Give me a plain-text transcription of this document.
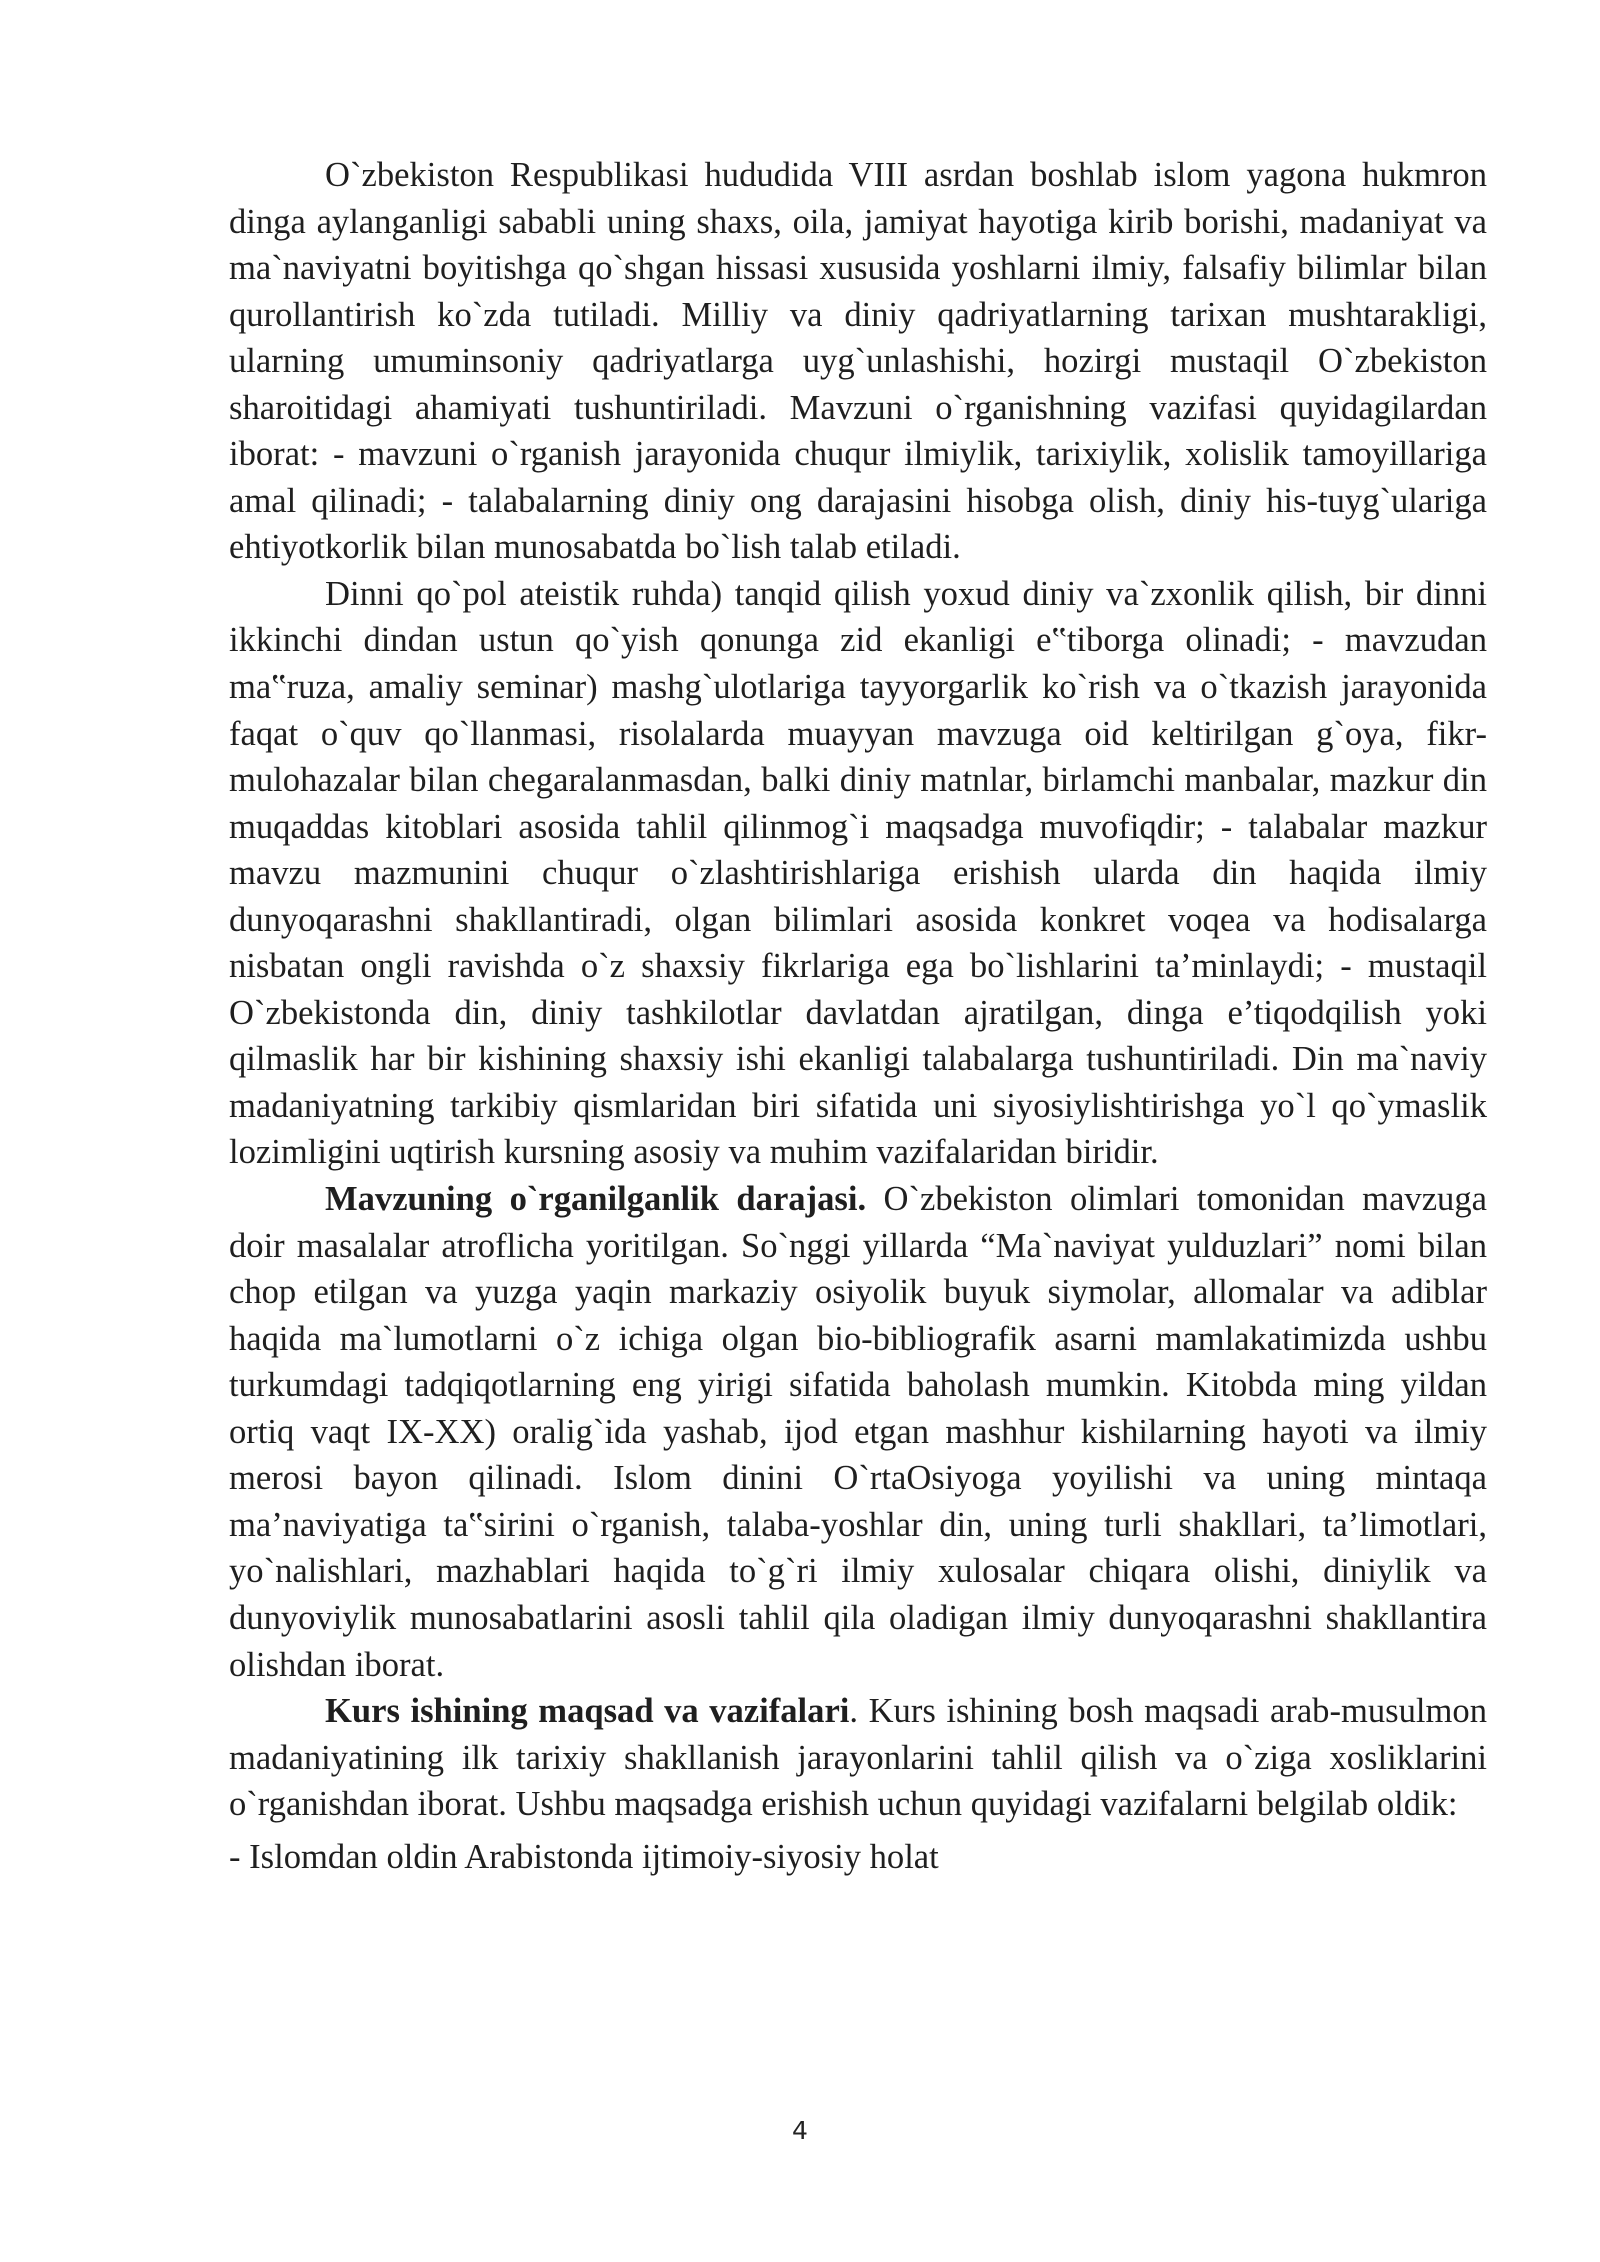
O`zbekiston Respublikasi hududida VIII asrdan boshlab islom yagona hukmron dinga aylanganligi sababli uning shaxs, oila, jamiyat hayotiga kirib borishi, madaniyat va ma`naviyatni boyitishga qo`shgan hissasi xususida yoshlarni ilmiy, falsafiy bilimlar bilan qurollantirish ko`zda tutiladi. Milliy va diniy qadriyatlarning tarixan mushtarakligi, ularning umuminsoniy qadriyatlarga uyg`unlashishi, hozirgi mustaqil O`zbekiston sharoitidagi ahamiyati tushuntiriladi. Mavzuni o`rganishning vazifasi quyidagilardan iborat: - mavzuni o`rganish jarayonida chuqur ilmiylik, tarixiylik, xolislik tamoyillariga amal qilinadi; - talabalarning diniy ong darajasini hisobga olish, diniy his-tuyg`ulariga ehtiyotkorlik bilan munosabatda bo`lish talab etiladi.

Dinni qo`pol ateistik ruhda) tanqid qilish yoxud diniy va`zxonlik qilish, bir dinni ikkinchi dindan ustun qo`yish qonunga zid ekanligi e‟tiborga olinadi; - mavzudan ma‟ruza, amaliy seminar) mashg`ulotlariga tayyorgarlik ko`rish va o`tkazish jarayonida faqat o`quv qo`llanmasi, risolalarda muayyan mavzuga oid keltirilgan g`oya, fikr-mulohazalar bilan chegaralanmasdan, balki diniy matnlar, birlamchi manbalar, mazkur din muqaddas kitoblari asosida tahlil qilinmog`i maqsadga muvofiqdir; - talabalar mazkur mavzu mazmunini chuqur o`zlashtirishlariga erishish ularda din haqida ilmiy dunyoqarashni shakllantiradi, olgan bilimlari asosida konkret voqea va hodisalarga nisbatan ongli ravishda o`z shaxsiy fikrlariga ega bo`lishlarini ta’minlaydi; - mustaqil O`zbekistonda din, diniy tashkilotlar davlatdan ajratilgan, dinga e’tiqodqilish yoki qilmaslik har bir kishining shaxsiy ishi ekanligi talabalarga tushuntiriladi. Din ma`naviy madaniyatning tarkibiy qismlaridan biri sifatida uni siyosiylishtirishga yo`l qo`ymaslik lozimligini uqtirish kursning asosiy va muhim vazifalaridan biridir.

Mavzuning o`rganilganlik darajasi. O`zbekiston olimlari tomonidan mavzuga doir masalalar atroflicha yoritilgan. So`nggi yillarda “Ma`naviyat yulduzlari” nomi bilan chop etilgan va yuzga yaqin markaziy osiyolik buyuk siymolar, allomalar va adiblar haqida ma`lumotlarni o`z ichiga olgan bio-bibliografik asarni mamlakatimizda ushbu turkumdagi tadqiqotlarning eng yirigi sifatida baholash mumkin. Kitobda ming yildan ortiq vaqt IX-XX) oralig`ida yashab, ijod etgan mashhur kishilarning hayoti va ilmiy merosi bayon qilinadi. Islom dinini O`rtaOsiyoga yoyilishi va uning mintaqa ma’naviyatiga ta‟sirini o`rganish, talaba-yoshlar din, uning turli shakllari, ta’limotlari, yo`nalishlari, mazhablari haqida to`g`ri ilmiy xulosalar chiqara olishi, diniylik va dunyoviylik munosabatlarini asosli tahlil qila oladigan ilmiy dunyoqarashni shakllantira olishdan iborat.

Kurs ishining maqsad va vazifalari. Kurs ishining bosh maqsadi arab-musulmon madaniyatining ilk tarixiy shakllanish jarayonlarini tahlil qilish va o`ziga xosliklarini o`rganishdan iborat. Ushbu maqsadga erishish uchun quyidagi vazifalarni belgilab oldik:

- Islomdan oldin Arabistonda ijtimoiy-siyosiy holat

4
